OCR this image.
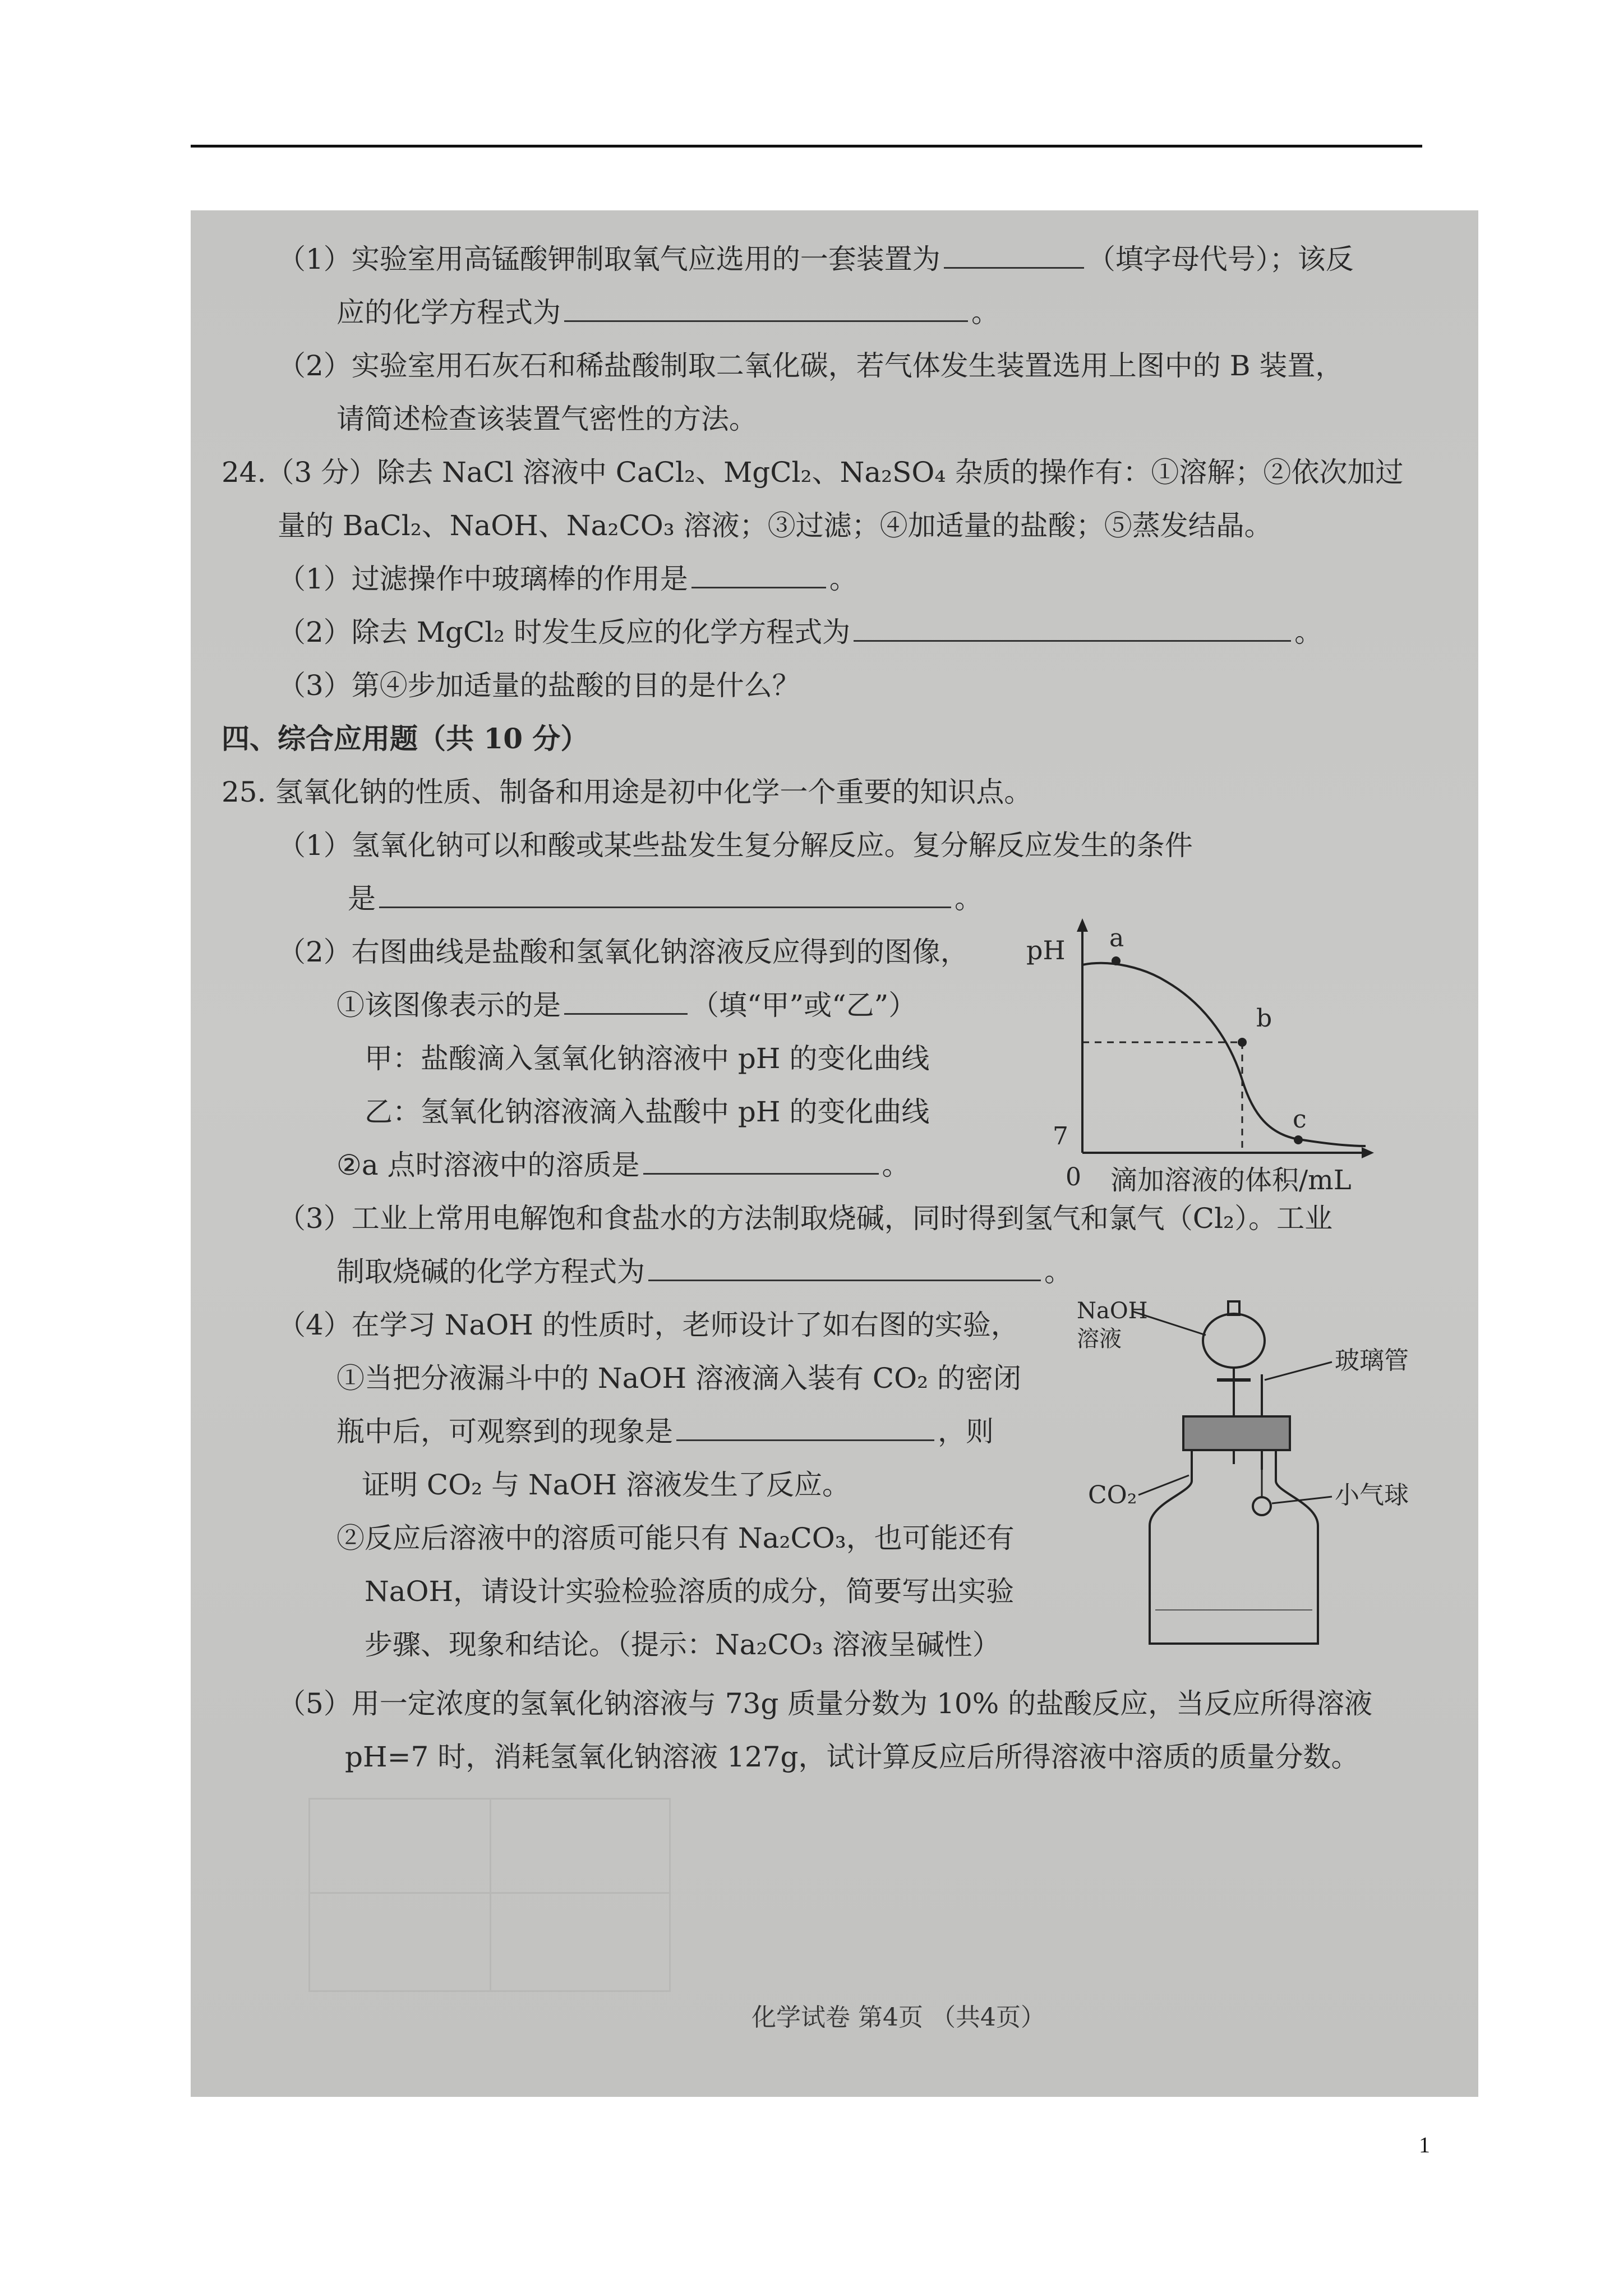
（1）实验室用高锰酸钾制取氧气应选用的一套装置为	（填字母代号）；该反
应的化学方程式为	。
（2）实验室用石灰石和稀盐酸制取二氧化碳，若气体发生装置选用上图中的 B 装置，
请简述检查该装置气密性的方法。
24.（3 分）除去 NaCl 溶液中 CaCl₂、MgCl₂、Na₂SO₄ 杂质的操作有：①溶解；②依次加过
量的 BaCl₂、NaOH、Na₂CO₃ 溶液；③过滤；④加适量的盐酸；⑤蒸发结晶。
（1）过滤操作中玻璃棒的作用是	。
（2）除去 MgCl₂ 时发生反应的化学方程式为	。
（3）第④步加适量的盐酸的目的是什么？
四、综合应用题（共 10 分）
25. 氢氧化钠的性质、制备和用途是初中化学一个重要的知识点。
（1）氢氧化钠可以和酸或某些盐发生复分解反应。复分解反应发生的条件
是	。
（2）右图曲线是盐酸和氢氧化钠溶液反应得到的图像，
①该图像表示的是	（填“甲”或“乙”）
甲：盐酸滴入氢氧化钠溶液中 pH 的变化曲线
乙：氢氧化钠溶液滴入盐酸中 pH 的变化曲线
②a 点时溶液中的溶质是	。
pH
7
a
b
c
0 滴加溶液的体积/mL
（3）工业上常用电解饱和食盐水的方法制取烧碱，同时得到氢气和氯气（Cl₂）。工业
制取烧碱的化学方程式为	。
（4）在学习 NaOH 的性质时，老师设计了如右图的实验，
①当把分液漏斗中的 NaOH 溶液滴入装有 CO₂ 的密闭
瓶中后，可观察到的现象是	，则
证明 CO₂ 与 NaOH 溶液发生了反应。
②反应后溶液中的溶质可能只有 Na₂CO₃，也可能还有
NaOH，请设计实验检验溶质的成分，简要写出实验
步骤、现象和结论。（提示：Na₂CO₃ 溶液呈碱性）
NaOH
溶液
玻璃管
CO₂	小气球
（5）用一定浓度的氢氧化钠溶液与 73g 质量分数为 10% 的盐酸反应，当反应所得溶液
pH=7 时，消耗氢氧化钠溶液 127g，试计算反应后所得溶液中溶质的质量分数。
化学试卷 第4页 （共4页）
1
